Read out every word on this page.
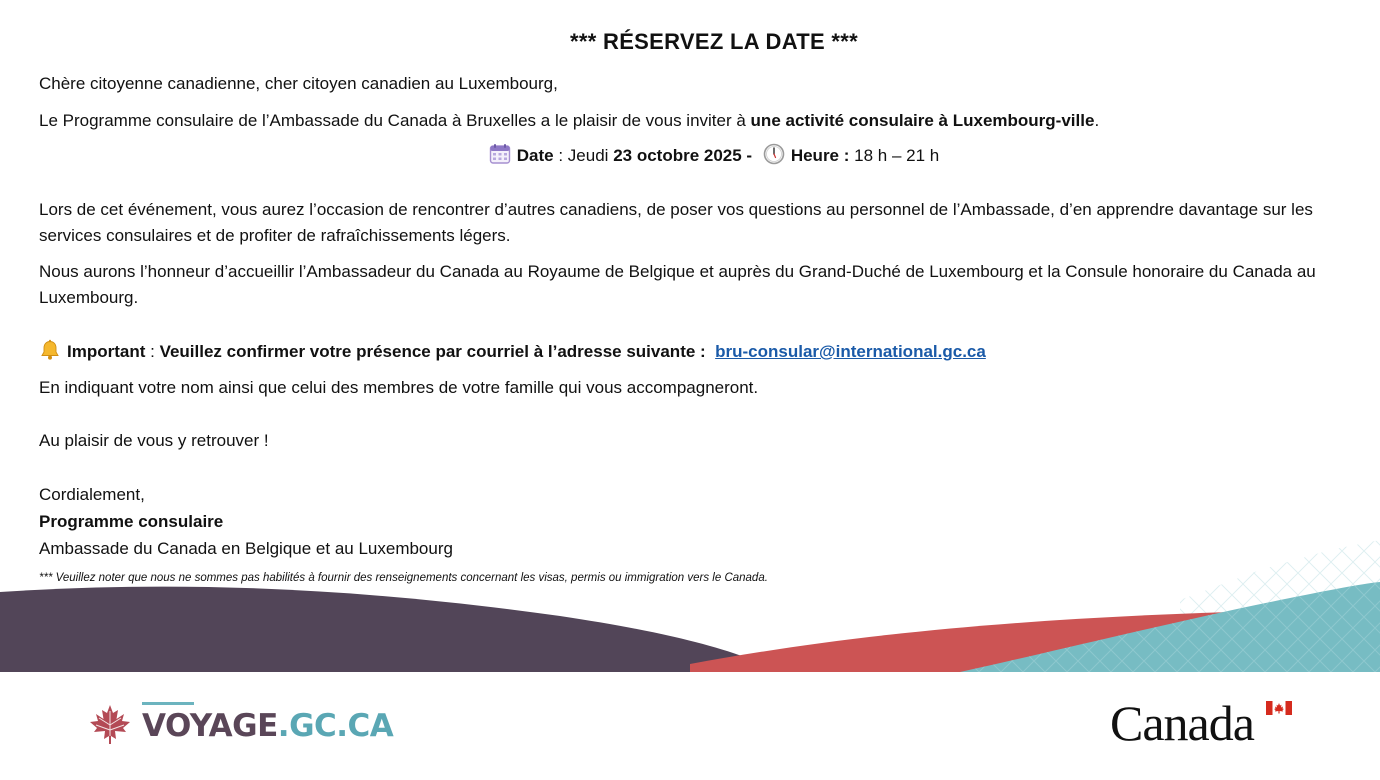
*** RÉSERVEZ LA DATE ***
Chère citoyenne canadienne, cher citoyen canadien au Luxembourg,
Le Programme consulaire de l’Ambassade du Canada à Bruxelles a le plaisir de vous inviter à une activité consulaire à Luxembourg-ville.
Date : Jeudi 23 octobre 2025 - Heure : 18 h – 21 h
Lors de cet événement, vous aurez l’occasion de rencontrer d’autres canadiens, de poser vos questions au personnel de l’Ambassade, d’en apprendre davantage sur les services consulaires et de profiter de rafraîchissements légers.
Nous aurons l’honneur d’accueillir l’Ambassadeur du Canada au Royaume de Belgique et auprès du Grand-Duché de Luxembourg et la Consule honoraire du Canada au Luxembourg.
Important : Veuillez confirmer votre présence par courriel à l’adresse suivante : bru-consular@international.gc.ca
En indiquant votre nom ainsi que celui des membres de votre famille qui vous accompagneront.
Au plaisir de vous y retrouver !
Cordialement,
Programme consulaire
Ambassade du Canada en Belgique et au Luxembourg
*** Veuillez noter que nous ne sommes pas habilités à fournir des renseignements concernant les visas, permis ou immigration vers le Canada.
VOYAGE.GC.CA	Canada
